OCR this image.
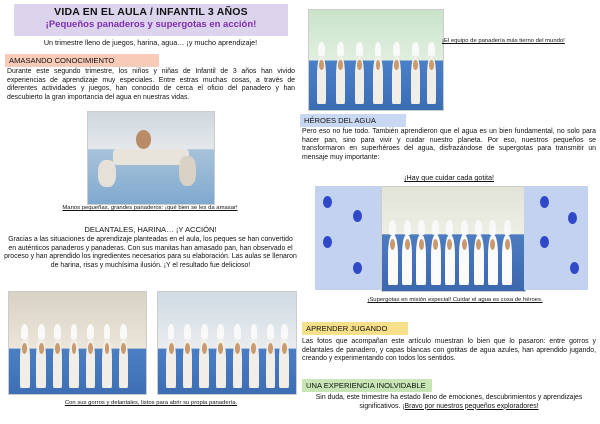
VIDA EN EL AULA / INFANTIL 3 AÑOS
¡Pequeños panaderos y supergotas en acción!
Un trimestre lleno de juegos, harina, agua… ¡y mucho aprendizaje!
AMASANDO CONOCIMIENTO
Durante este segundo trimestre, los niños y niñas de Infantil de 3 años han vivido experiencias de aprendizaje muy especiales. Entre estras muchas cosas, a través de diferentes actividades y juegos, han conocido de cerca el oficio del panadero y han descubierto la gran importancia del agua en nuestras vidas.
Manos pequeñas, grandes panaderos: ¡qué bien se les da amasar!
DELANTALES, HARINA… ¡Y ACCIÓN!
Gracias a las situaciones de aprendizaje planteadas en el aula, los peques se han convertido en auténticos panaderos y panaderas. Con sus manitas han amasado pan, han observado el proceso y han aprendido los ingredientes necesarios para su elaboración. Las aulas se llenaron de harina, risas y muchísima ilusión. ¡Y el resultado fue delicioso!
Con sus gorros y delantales, listos para abrir su propia panadería.
¡El equipo de panadería más tierno del mundo!
HÉROES DEL AGUA
Pero eso no fue todo. También aprendieron que el agua es un bien fundamental, no solo para hacer pan, sino para vivir y cuidar nuestro planeta. Por eso, nuestros pequeños se transformaron en superhéroes del agua, disfrazándose de supergotas para transmitir un mensaje muy importante:
¡Hay que cuidar cada gotita!
¡Supergotas en misión especial! Cuidar el agua es cosa de héroes.
APRENDER JUGANDO
Las fotos que acompañan este artículo muestran lo bien que lo pasaron: entre gorros y delantales de panadero, y capas blancas con gotitas de agua azules, han aprendido jugando, creando y experimentando con todos los sentidos.
UNA EXPERIENCIA INOLVIDABLE
Sin duda, este trimestre ha estado lleno de emociones, descubrimientos y aprendizajes significativos. ¡Bravo por nuestros pequeños exploradores!
